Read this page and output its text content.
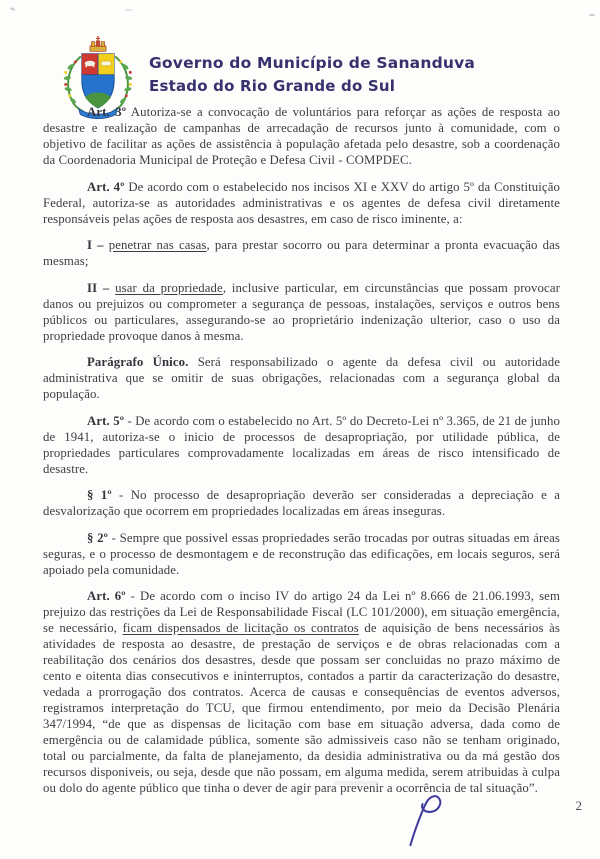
Governo do Município de Sananduva
Estado do Rio Grande do Sul

Art. 3º Autoriza-se a convocação de voluntários para reforçar as ações de resposta ao desastre e realização de campanhas de arrecadação de recursos junto à comunidade, com o objetivo de facilitar as ações de assistência à população afetada pelo desastre, sob a coordenação da Coordenadoria Municipal de Proteção e Defesa Civil - COMPDEC.

Art. 4º De acordo com o estabelecido nos incisos XI e XXV do artigo 5º da Constituição Federal, autoriza-se as autoridades administrativas e os agentes de defesa civil diretamente responsáveis pelas ações de resposta aos desastres, em caso de risco iminente, a:

I – penetrar nas casas, para prestar socorro ou para determinar a pronta evacuação das mesmas;

II – usar da propriedade, inclusive particular, em circunstâncias que possam provocar danos ou prejuizos ou comprometer a segurança de pessoas, instalações, serviços e outros bens públicos ou particulares, assegurando-se ao proprietário indenização ulterior, caso o uso da propriedade provoque danos à mesma.

Parágrafo Único. Será responsabilizado o agente da defesa civil ou autoridade administrativa que se omitir de suas obrigações, relacionadas com a segurança global da população.

Art. 5º - De acordo com o estabelecido no Art. 5º do Decreto-Lei nº 3.365, de 21 de junho de 1941, autoriza-se o inicio de processos de desapropriação, por utilidade pública, de propriedades particulares comprovadamente localizadas em áreas de risco intensificado de desastre.

§ 1º - No processo de desapropriação deverão ser consideradas a depreciação e a desvalorização que ocorrem em propriedades localizadas em áreas inseguras.

§ 2º - Sempre que possivel essas propriedades serão trocadas por outras situadas em áreas seguras, e o processo de desmontagem e de reconstrução das edificações, em locais seguros, será apoiado pela comunidade.

Art. 6º - De acordo com o inciso IV do artigo 24 da Lei nº 8.666 de 21.06.1993, sem prejuizo das restrições da Lei de Responsabilidade Fiscal (LC 101/2000), em situação emergência, se necessário, ficam dispensados de licitação os contratos de aquisição de bens necessários às atividades de resposta ao desastre, de prestação de serviços e de obras relacionadas com a reabilitação dos cenários dos desastres, desde que possam ser concluidas no prazo máximo de cento e oitenta dias consecutivos e ininterruptos, contados a partir da caracterização do desastre, vedada a prorrogação dos contratos. Acerca de causas e consequências de eventos adversos, registramos interpretação do TCU, que firmou entendimento, por meio da Decisão Plenária 347/1994, “de que as dispensas de licitação com base em situação adversa, dada como de emergência ou de calamidade pública, somente são admissiveis caso não se tenham originado, total ou parcialmente, da falta de planejamento, da desidia administrativa ou da má gestão dos recursos disponiveis, ou seja, desde que não possam, em alguma medida, serem atribuidas à culpa ou dolo do agente público que tinha o dever de agir para prevenir a ocorrência de tal situação”.

2
